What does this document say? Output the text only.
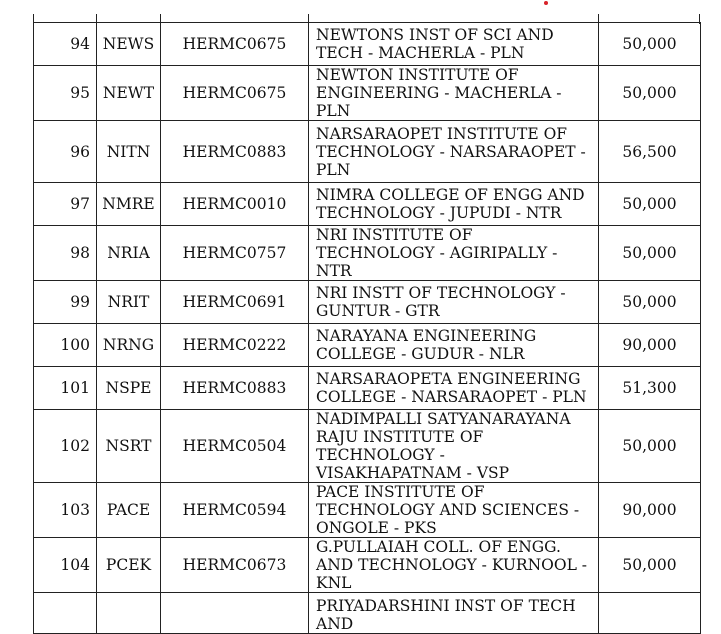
94	NEWS	HERMC0675	NEWTONS INST OF SCI AND TECH - MACHERLA - PLN	50,000
95	NEWT	HERMC0675	NEWTON INSTITUTE OF ENGINEERING - MACHERLA - PLN	50,000
96	NITN	HERMC0883	NARSARAOPET INSTITUTE OF TECHNOLOGY - NARSARAOPET - PLN	56,500
97	NMRE	HERMC0010	NIMRA COLLEGE OF ENGG AND TECHNOLOGY - JUPUDI - NTR	50,000
98	NRIA	HERMC0757	NRI INSTITUTE OF TECHNOLOGY - AGIRIPALLY - NTR	50,000
99	NRIT	HERMC0691	NRI INSTT OF TECHNOLOGY - GUNTUR - GTR	50,000
100	NRNG	HERMC0222	NARAYANA ENGINEERING COLLEGE - GUDUR - NLR	90,000
101	NSPE	HERMC0883	NARSARAOPETA ENGINEERING COLLEGE - NARSARAOPET - PLN	51,300
102	NSRT	HERMC0504	NADIMPALLI SATYANARAYANA RAJU INSTITUTE OF TECHNOLOGY - VISAKHAPATNAM - VSP	50,000
103	PACE	HERMC0594	PACE INSTITUTE OF TECHNOLOGY AND SCIENCES - ONGOLE - PKS	90,000
104	PCEK	HERMC0673	G.PULLAIAH COLL. OF ENGG. AND TECHNOLOGY - KURNOOL - KNL	50,000
			PRIYADARSHINI INST OF TECH AND	
